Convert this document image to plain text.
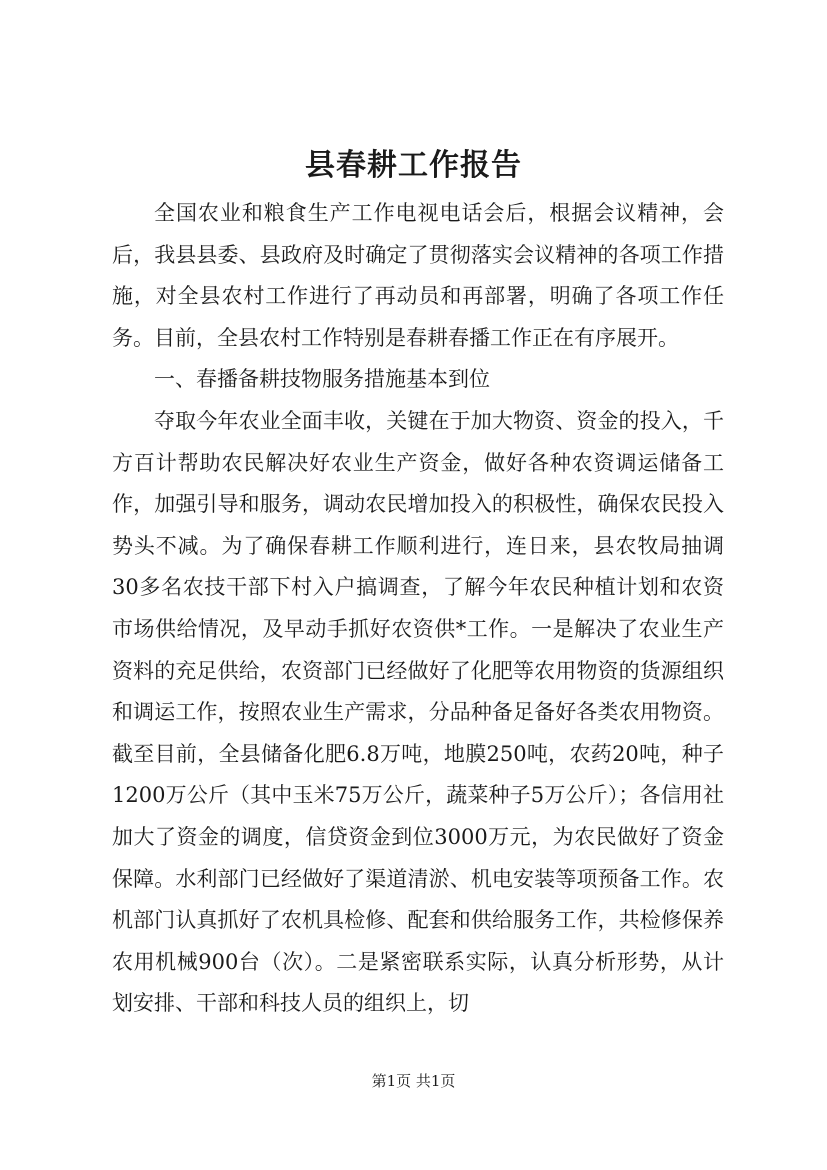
县春耕工作报告

全国农业和粮食生产工作电视电话会后，根据会议精神，会后，我县县委、县政府及时确定了贯彻落实会议精神的各项工作措施，对全县农村工作进行了再动员和再部署，明确了各项工作任务。目前，全县农村工作特别是春耕春播工作正在有序展开。

一、春播备耕技物服务措施基本到位

夺取今年农业全面丰收，关键在于加大物资、资金的投入，千方百计帮助农民解决好农业生产资金，做好各种农资调运储备工作，加强引导和服务，调动农民增加投入的积极性，确保农民投入势头不减。为了确保春耕工作顺利进行，连日来，县农牧局抽调30多名农技干部下村入户搞调查，了解今年农民种植计划和农资市场供给情况，及早动手抓好农资供*工作。一是解决了农业生产资料的充足供给，农资部门已经做好了化肥等农用物资的货源组织和调运工作，按照农业生产需求，分品种备足备好各类农用物资。截至目前，全县储备化肥6.8万吨，地膜250吨，农药20吨，种子1200万公斤（其中玉米75万公斤，蔬菜种子5万公斤）；各信用社加大了资金的调度，信贷资金到位3000万元，为农民做好了资金保障。水利部门已经做好了渠道清淤、机电安装等项预备工作。农机部门认真抓好了农机具检修、配套和供给服务工作，共检修保养农用机械900台（次）。二是紧密联系实际，认真分析形势，从计划安排、干部和科技人员的组织上，切

第1页 共1页
